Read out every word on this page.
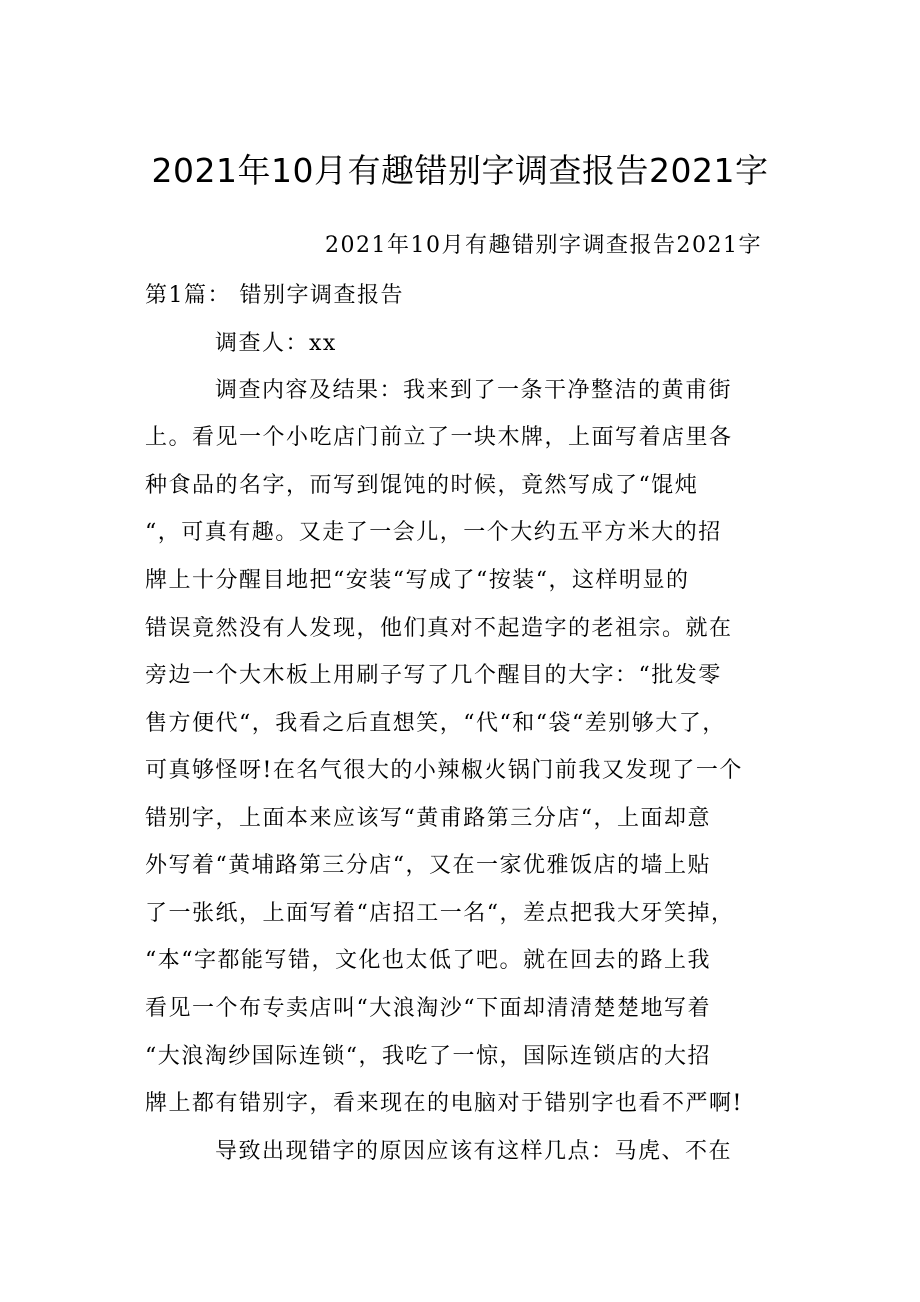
2021年10月有趣错别字调查报告2021字
2021年10月有趣错别字调查报告2021字
第1篇： 错别字调查报告
调查人：xx
调查内容及结果：我来到了一条干净整洁的黄甫街
上。看见一个小吃店门前立了一块木牌，上面写着店里各
种食品的名字，而写到馄饨的时候，竟然写成了“馄炖
“，可真有趣。又走了一会儿，一个大约五平方米大的招
牌上十分醒目地把“安装“写成了“按装“，这样明显的
错误竟然没有人发现，他们真对不起造字的老祖宗。就在
旁边一个大木板上用刷子写了几个醒目的大字：“批发零
售方便代“，我看之后直想笑，“代“和“袋“差别够大了，
可真够怪呀!在名气很大的小辣椒火锅门前我又发现了一个
错别字，上面本来应该写“黄甫路第三分店“，上面却意
外写着“黄埔路第三分店“，又在一家优雅饭店的墙上贴
了一张纸，上面写着“店招工一名“，差点把我大牙笑掉，
“本“字都能写错，文化也太低了吧。就在回去的路上我
看见一个布专卖店叫“大浪淘沙“下面却清清楚楚地写着
“大浪淘纱国际连锁“，我吃了一惊，国际连锁店的大招
牌上都有错别字，看来现在的电脑对于错别字也看不严啊!
导致出现错字的原因应该有这样几点：马虎、不在
